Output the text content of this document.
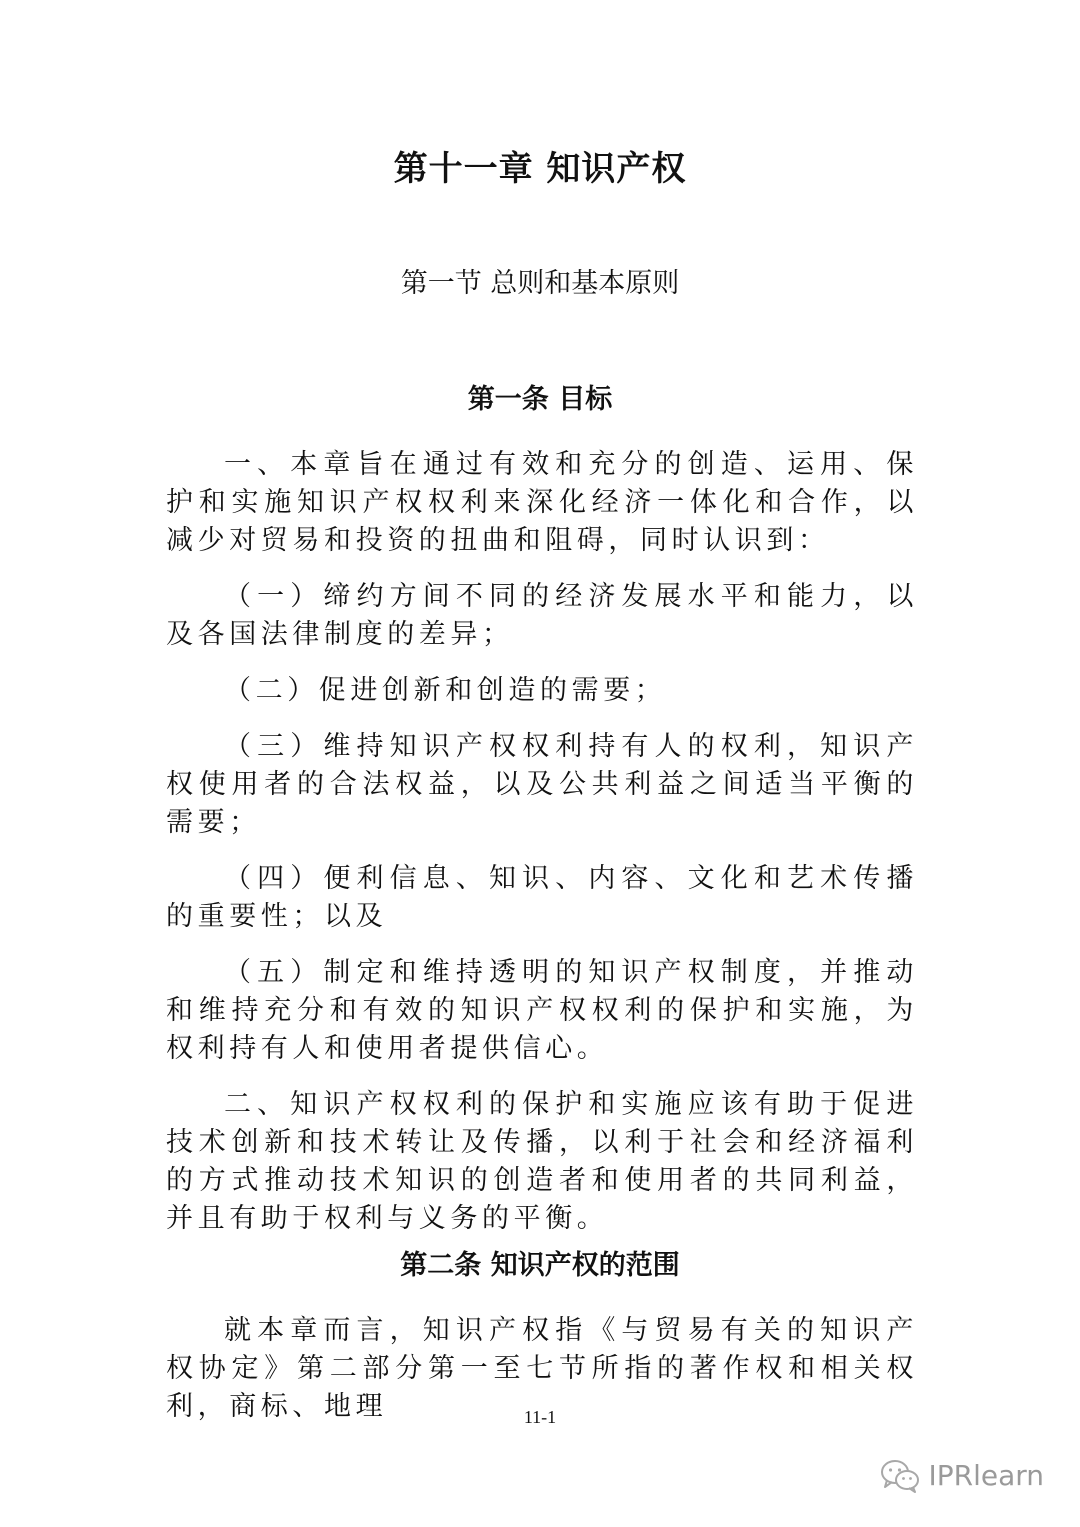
第十一章 知识产权
第一节 总则和基本原则
第一条 目标

一、本章旨在通过有效和充分的创造、运用、保护和实施知识产权权利来深化经济一体化和合作，以减少对贸易和投资的扭曲和阻碍，同时认识到：

（一）缔约方间不同的经济发展水平和能力，以及各国法律制度的差异；

（二）促进创新和创造的需要；

（三）维持知识产权权利持有人的权利，知识产权使用者的合法权益，以及公共利益之间适当平衡的需要；

（四）便利信息、知识、内容、文化和艺术传播的重要性；以及

（五）制定和维持透明的知识产权制度，并推动和维持充分和有效的知识产权权利的保护和实施，为权利持有人和使用者提供信心。

二、知识产权权利的保护和实施应该有助于促进技术创新和技术转让及传播，以利于社会和经济福利的方式推动技术知识的创造者和使用者的共同利益，并且有助于权利与义务的平衡。

第二条 知识产权的范围

就本章而言，知识产权指《与贸易有关的知识产权协定》第二部分第一至七节所指的著作权和相关权利，商标、地理	11-1
IPRlearn
